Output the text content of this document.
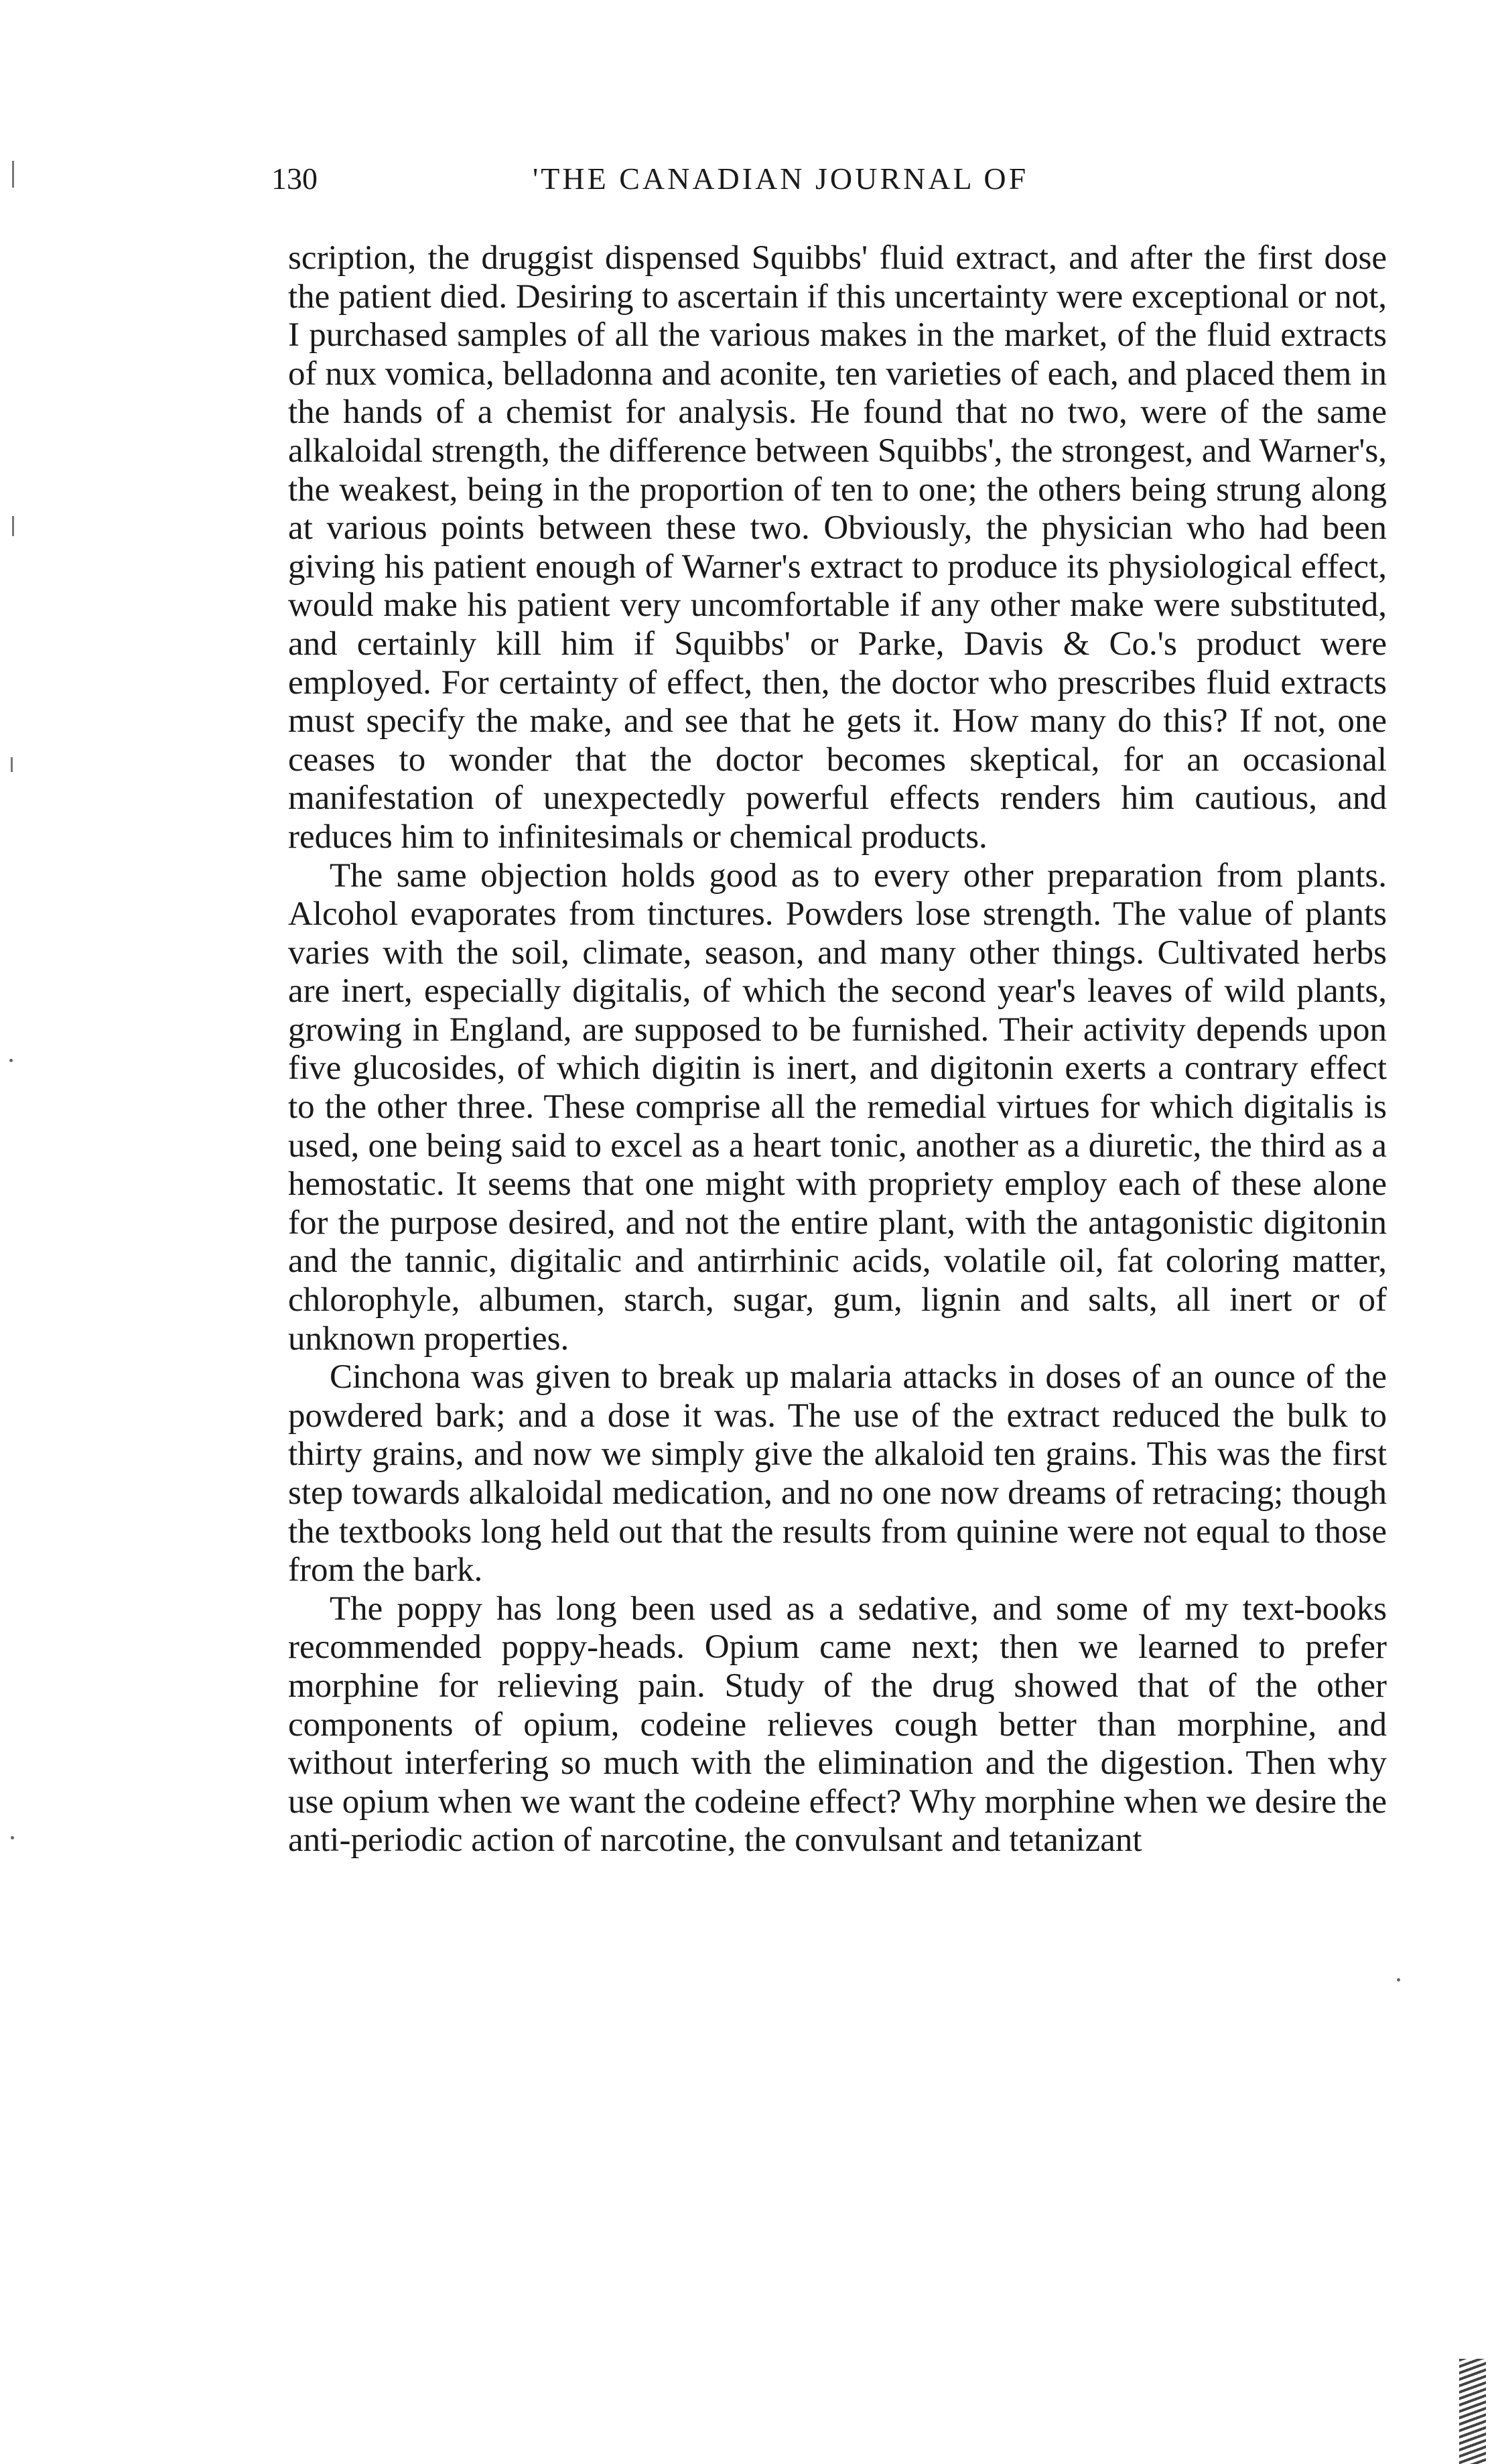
130	'THE CANADIAN JOURNAL OF

scription, the druggist dispensed Squibbs' fluid extract, and after the first dose the patient died. Desiring to ascertain if this uncertainty were exceptional or not, I purchased samples of all the various makes in the market, of the fluid extracts of nux vomica, belladonna and aconite, ten varieties of each, and placed them in the hands of a chemist for analysis. He found that no two, were of the same alkaloidal strength, the difference between Squibbs', the strongest, and Warner's, the weakest, being in the proportion of ten to one; the others being strung along at various points between these two. Obviously, the physician who had been giving his patient enough of Warner's extract to produce its physiological effect, would make his patient very uncomfortable if any other make were substituted, and certainly kill him if Squibbs' or Parke, Davis & Co.'s product were employed. For certainty of effect, then, the doctor who prescribes fluid extracts must specify the make, and see that he gets it. How many do this? If not, one ceases to wonder that the doctor becomes skeptical, for an occasional manifestation of unexpectedly powerful effects renders him cautious, and reduces him to infinitesimals or chemical products.

The same objection holds good as to every other preparation from plants. Alcohol evaporates from tinctures. Powders lose strength. The value of plants varies with the soil, climate, season, and many other things. Cultivated herbs are inert, especially digitalis, of which the second year's leaves of wild plants, growing in England, are supposed to be furnished. Their activity depends upon five glucosides, of which digitin is inert, and digitonin exerts a contrary effect to the other three. These comprise all the remedial virtues for which digitalis is used, one being said to excel as a heart tonic, another as a diuretic, the third as a hemostatic. It seems that one might with propriety employ each of these alone for the purpose desired, and not the entire plant, with the antagonistic digitonin and the tannic, digitalic and antirrhinic acids, volatile oil, fat coloring matter, chlorophyle, albumen, starch, sugar, gum, lignin and salts, all inert or of unknown properties.

Cinchona was given to break up malaria attacks in doses of an ounce of the powdered bark; and a dose it was. The use of the extract reduced the bulk to thirty grains, and now we simply give the alkaloid ten grains. This was the first step towards alkaloidal medication, and no one now dreams of retracing; though the textbooks long held out that the results from quinine were not equal to those from the bark.

The poppy has long been used as a sedative, and some of my text-books recommended poppy-heads. Opium came next; then we learned to prefer morphine for relieving pain. Study of the drug showed that of the other components of opium, codeine relieves cough better than morphine, and without interfering so much with the elimination and the digestion. Then why use opium when we want the codeine effect? Why morphine when we desire the anti-periodic action of narcotine, the convulsant and tetanizant
